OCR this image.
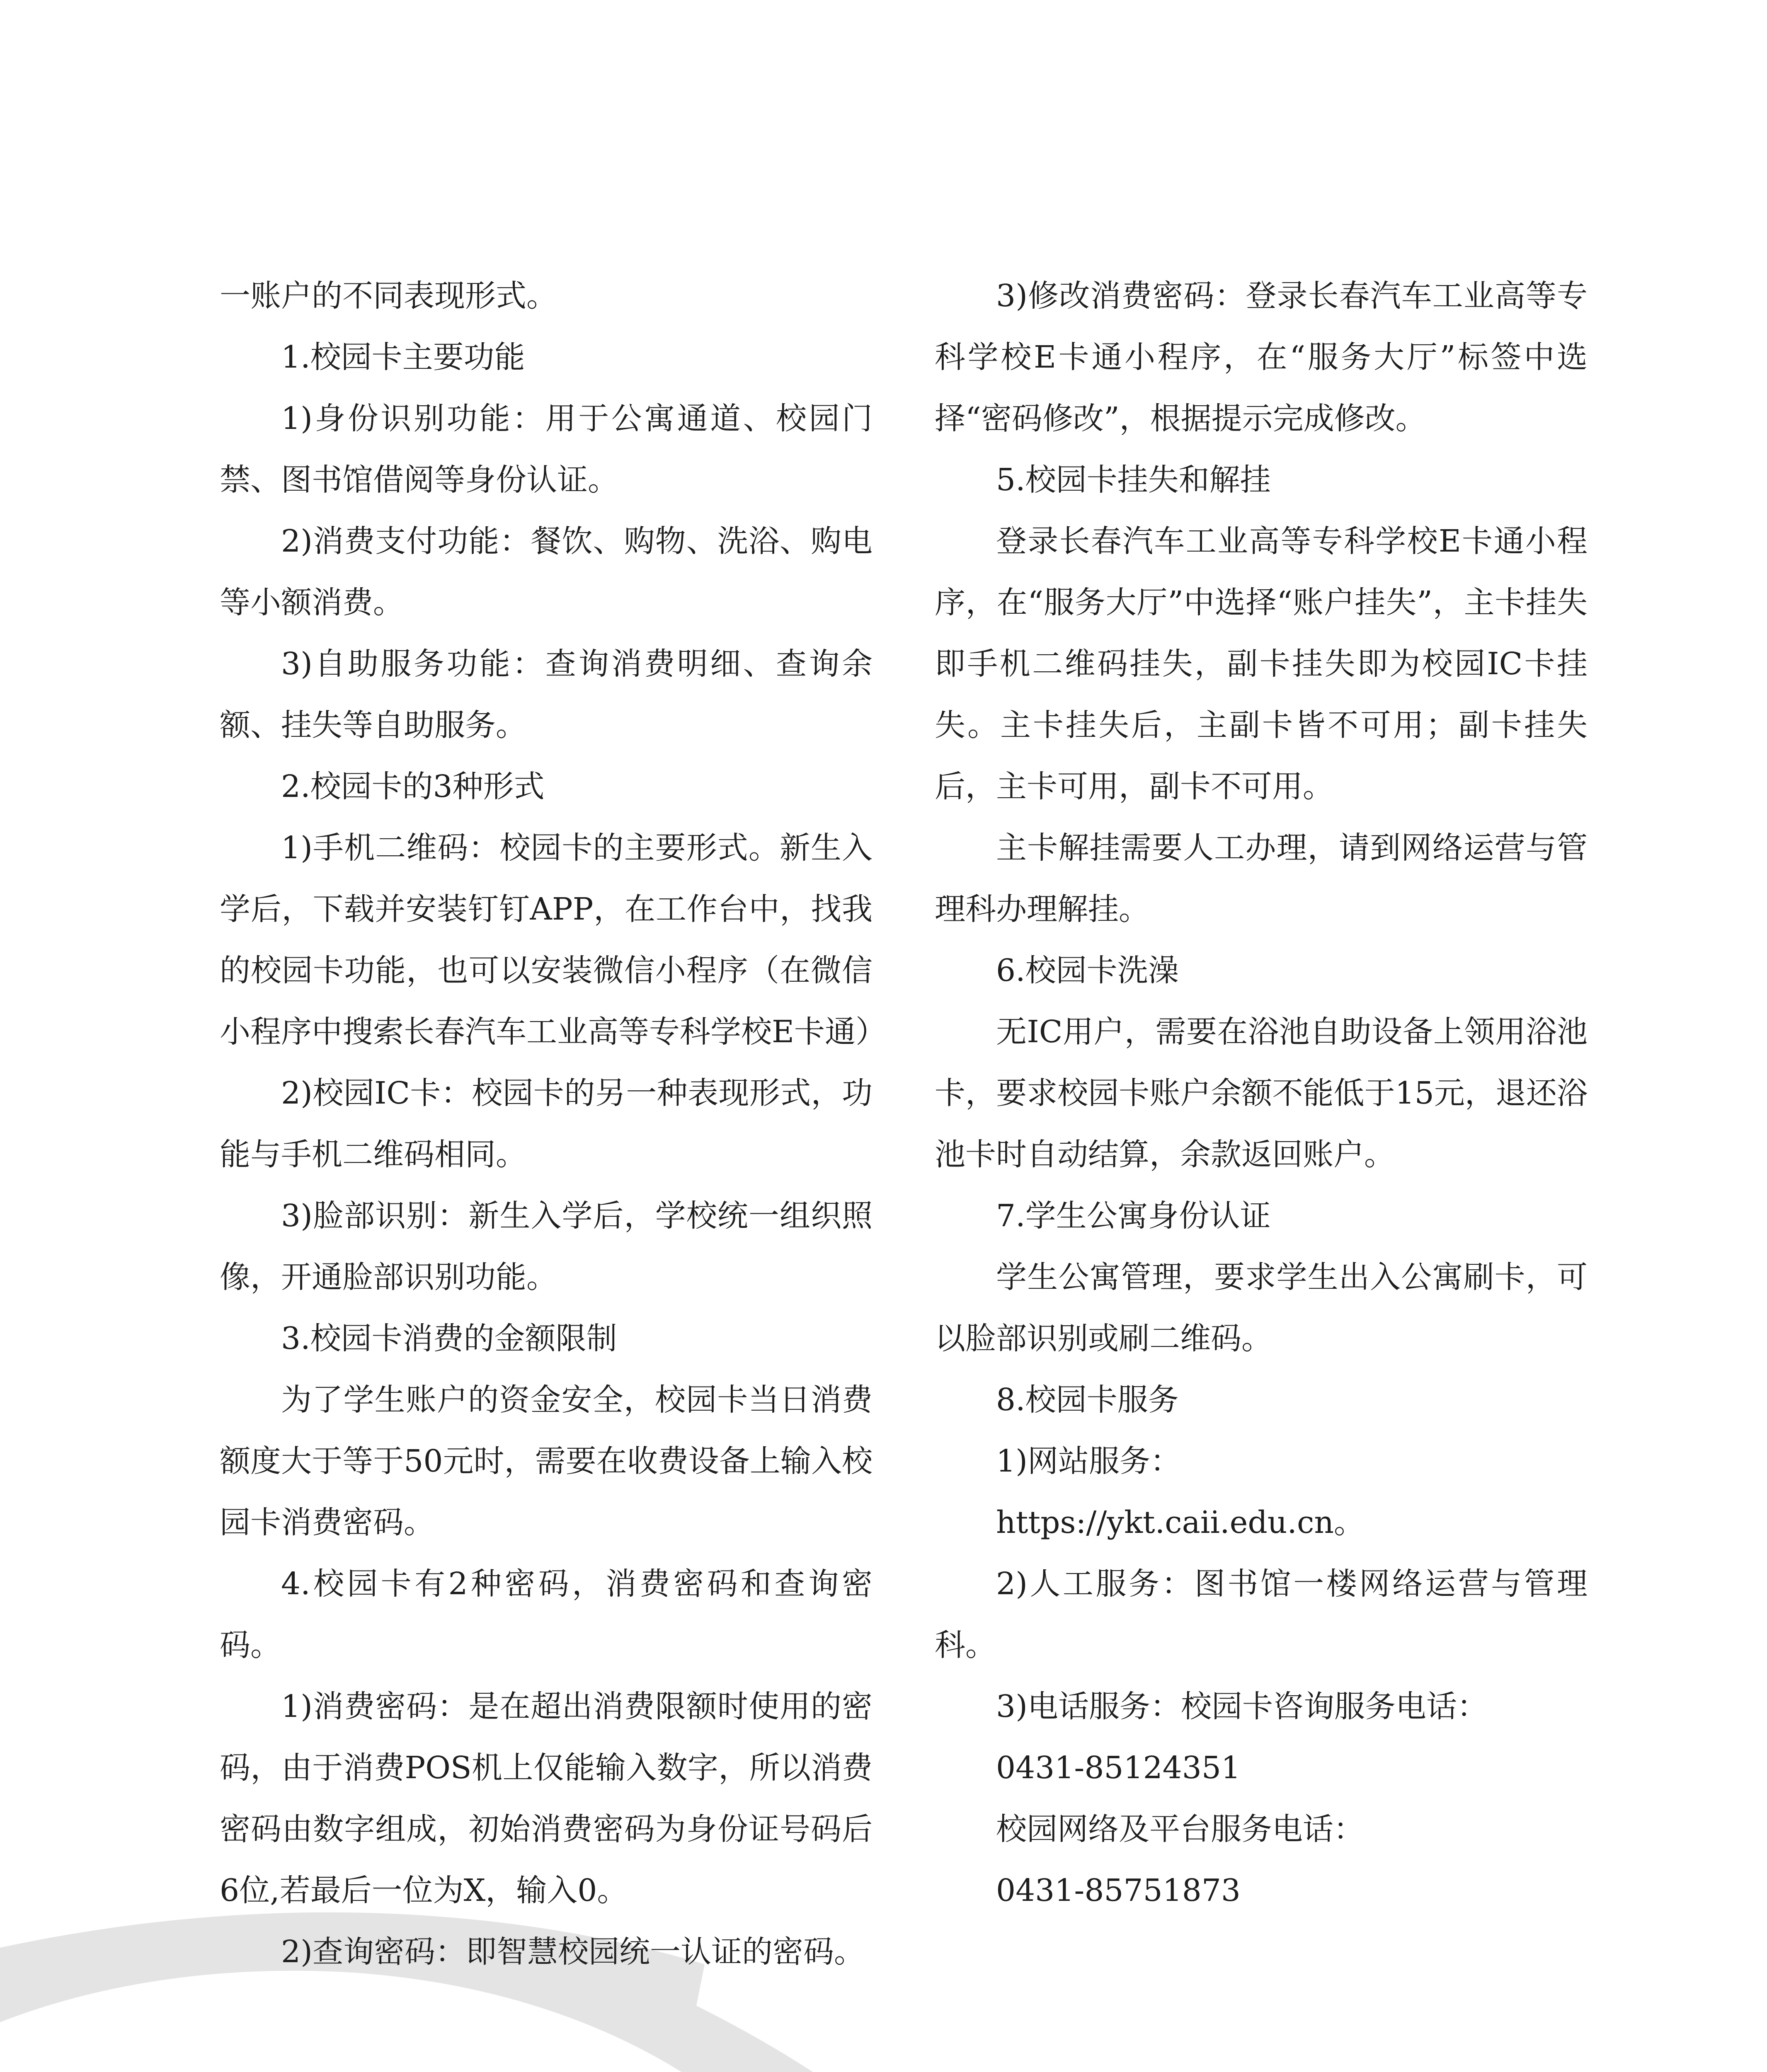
一账户的不同表现形式。

1.校园卡主要功能

1)身份识别功能：用于公寓通道、校园门禁、图书馆借阅等身份认证。

2)消费支付功能：餐饮、购物、洗浴、购电等小额消费。

3)自助服务功能：查询消费明细、查询余额、挂失等自助服务。

2.校园卡的3种形式

1)手机二维码：校园卡的主要形式。新生入学后，下载并安装钉钉APP，在工作台中，找我的校园卡功能，也可以安装微信小程序（在微信小程序中搜索长春汽车工业高等专科学校E卡通）

2)校园IC卡：校园卡的另一种表现形式，功能与手机二维码相同。

3)脸部识别：新生入学后，学校统一组织照像，开通脸部识别功能。

3.校园卡消费的金额限制

为了学生账户的资金安全，校园卡当日消费额度大于等于50元时，需要在收费设备上输入校园卡消费密码。

4.校园卡有2种密码，消费密码和查询密码。

1)消费密码：是在超出消费限额时使用的密码，由于消费POS机上仅能输入数字，所以消费密码由数字组成，初始消费密码为身份证号码后6位,若最后一位为X，输入0。

2)查询密码：即智慧校园统一认证的密码。

3)修改消费密码：登录长春汽车工业高等专科学校E卡通小程序，在“服务大厅”标签中选择“密码修改”，根据提示完成修改。

5.校园卡挂失和解挂

登录长春汽车工业高等专科学校E卡通小程序，在“服务大厅”中选择“账户挂失”，主卡挂失即手机二维码挂失，副卡挂失即为校园IC卡挂失。主卡挂失后，主副卡皆不可用；副卡挂失后，主卡可用，副卡不可用。

主卡解挂需要人工办理，请到网络运营与管理科办理解挂。

6.校园卡洗澡

无IC用户，需要在浴池自助设备上领用浴池卡，要求校园卡账户余额不能低于15元，退还浴池卡时自动结算，余款返回账户。

7.学生公寓身份认证

学生公寓管理，要求学生出入公寓刷卡，可以脸部识别或刷二维码。

8.校园卡服务

1)网站服务：

https://ykt.caii.edu.cn。

2)人工服务：图书馆一楼网络运营与管理科。

3)电话服务：校园卡咨询服务电话：

0431-85124351

校园网络及平台服务电话：

0431-85751873
